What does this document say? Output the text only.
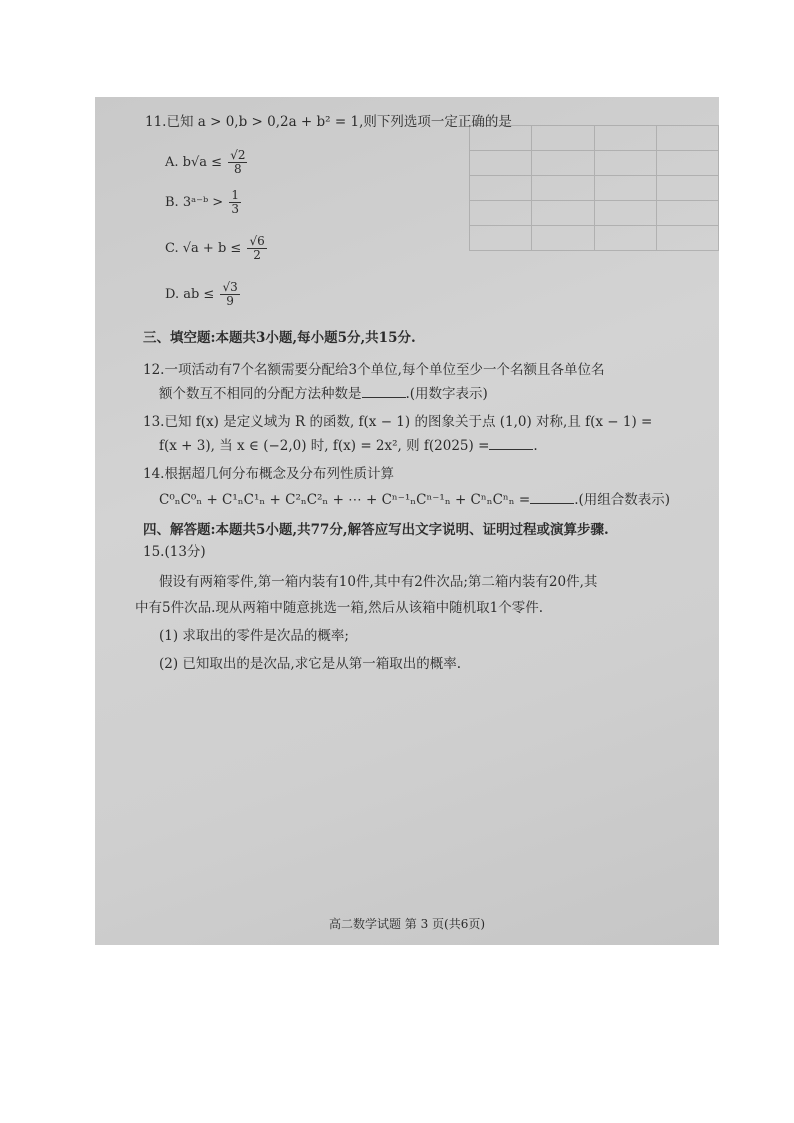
11.已知 a > 0,b > 0,2a + b² = 1,则下列选项一定正确的是
A. $b√a \le \frac{√2}{8}$
B. 3ᵃ⁻ᵇ > $\frac{1}{3}$
C. $√a + b \le \frac{√6}{2}$
D. ab ≤ $\frac{√3}{9}$
三、填空题:本题共3小题,每小题5分,共15分.
12.一项活动有7个名额需要分配给3个单位,每个单位至少一个名额且各单位名
额个数互不相同的分配方法种数是	.(用数字表示)
13.已知 f(x) 是定义域为 R 的函数, f(x − 1) 的图象关于点 (1,0) 对称,且 f(x − 1) =
f(x + 3), 当 x ∈ (−2,0) 时, f(x) = 2x², 则 f(2025) =	.
14.根据超几何分布概念及分布列性质计算
C⁰ₙC⁰ₙ + C¹ₙC¹ₙ + C²ₙC²ₙ + ⋯ + Cⁿ⁻¹ₙCⁿ⁻¹ₙ + CⁿₙCⁿₙ =	.(用组合数表示)
四、解答题:本题共5小题,共77分,解答应写出文字说明、证明过程或演算步骤.
15.(13分)
假设有两箱零件,第一箱内装有10件,其中有2件次品;第二箱内装有20件,其
中有5件次品.现从两箱中随意挑选一箱,然后从该箱中随机取1个零件.
(1) 求取出的零件是次品的概率;
(2) 已知取出的是次品,求它是从第一箱取出的概率.
高二数学试题 第 3 页(共6页)
